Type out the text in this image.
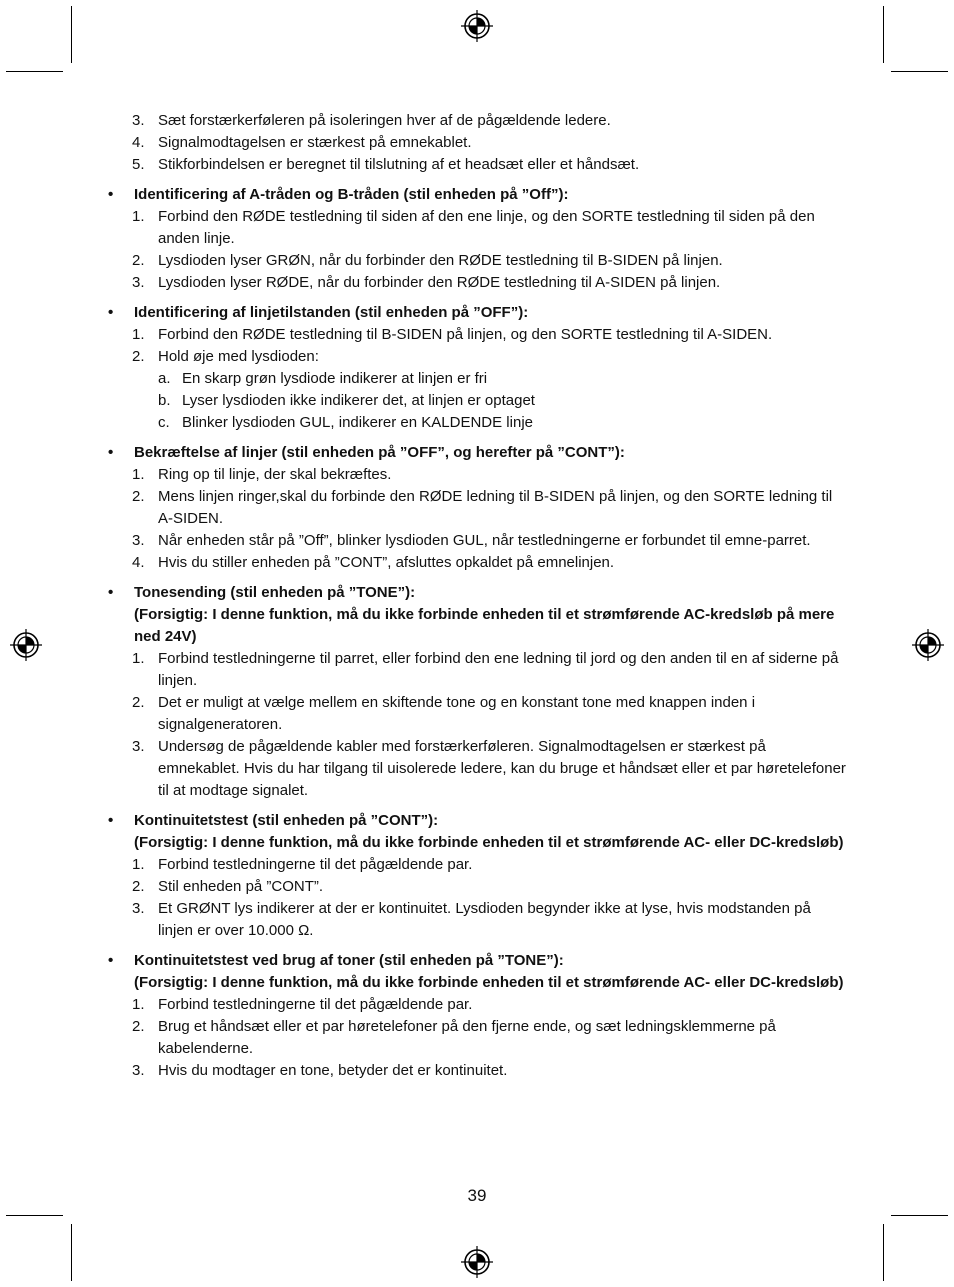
3. Sæt forstærkerføleren på isoleringen hver af de pågældende ledere.
4. Signalmodtagelsen er stærkest på emnekablet.
5. Stikforbindelsen er beregnet til tilslutning af et headsæt eller et håndsæt.
•	Identificering af A-tråden og B-tråden (stil enheden på ”Off”):
1. Forbind den RØDE testledning til siden af den ene linje, og den SORTE testledning til siden på den anden linje.
2. Lysdioden lyser GRØN, når du forbinder den RØDE testledning til B-SIDEN på linjen.
3. Lysdioden lyser RØDE, når du forbinder den RØDE testledning til A-SIDEN på linjen.
•	Identificering af linjetilstanden (stil enheden på ”OFF”):
1. Forbind den RØDE testledning til B-SIDEN på linjen, og den SORTE testledning til A-SIDEN.
2. Hold øje med lysdioden:
a. En skarp grøn lysdiode indikerer at linjen er fri
b. Lyser lysdioden ikke indikerer det, at linjen er optaget
c. Blinker lysdioden GUL, indikerer en KALDENDE linje
•	Bekræftelse af linjer (stil enheden på ”OFF”, og herefter på ”CONT”):
1. Ring op til linje, der skal bekræftes.
2. Mens linjen ringer,skal du forbinde den RØDE ledning til B-SIDEN på linjen, og den SORTE ledning til A-SIDEN.
3. Når enheden står på ”Off”, blinker lysdioden GUL, når testledningerne er forbundet til emne-parret.
4. Hvis du stiller enheden på ”CONT”, afsluttes opkaldet på emnelinjen.
•	Tonesending (stil enheden på ”TONE”):
(Forsigtig: I denne funktion, må du ikke forbinde enheden til et strømførende AC-kredsløb på mere ned 24V)
1. Forbind testledningerne til parret, eller forbind den ene ledning til jord og den anden til en af siderne på linjen.
2. Det er muligt at vælge mellem en skiftende tone og en konstant tone med knappen inden i signalgeneratoren.
3. Undersøg de pågældende kabler med forstærkerføleren. Signalmodtagelsen er stærkest på emnekablet. Hvis du har tilgang til uisolerede ledere, kan du bruge et håndsæt eller et par høretelefoner til at modtage signalet.
•	Kontinuitetstest (stil enheden på ”CONT”):
(Forsigtig: I denne funktion, må du ikke forbinde enheden til et strømførende AC- eller DC-kredsløb)
1. Forbind testledningerne til det pågældende par.
2. Stil enheden på ”CONT”.
3. Et GRØNT lys indikerer at der er kontinuitet. Lysdioden begynder ikke at lyse, hvis modstanden på linjen er over 10.000 Ω.
•	Kontinuitetstest ved brug af toner (stil enheden på ”TONE”):
(Forsigtig: I denne funktion, må du ikke forbinde enheden til et strømførende AC- eller DC-kredsløb)
1. Forbind testledningerne til det pågældende par.
2. Brug et håndsæt eller et par høretelefoner på den fjerne ende, og sæt ledningsklemmerne på kabelenderne.
3. Hvis du modtager en tone, betyder det er kontinuitet.
39
